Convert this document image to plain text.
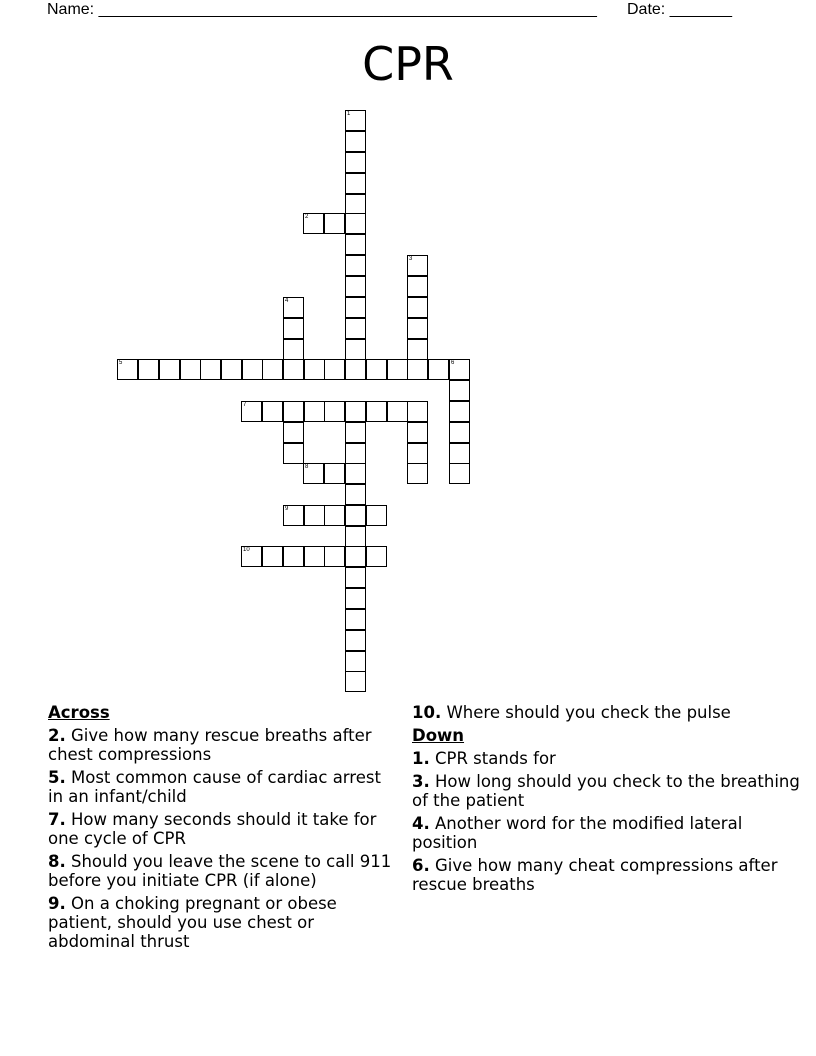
Name: ________________________________________________________ Date: _______
CPR
1
2
3
4
5	6
7
8
9
10
Across
2. Give how many rescue breaths after chest compressions
5. Most common cause of cardiac arrest in an infant/child
7. How many seconds should it take for one cycle of CPR
8. Should you leave the scene to call 911 before you initiate CPR (if alone)
9. On a choking pregnant or obese patient, should you use chest or abdominal thrust
10. Where should you check the pulse
Down
1. CPR stands for
3. How long should you check to the breathing of the patient
4. Another word for the modified lateral position
6. Give how many cheat compressions after rescue breaths
